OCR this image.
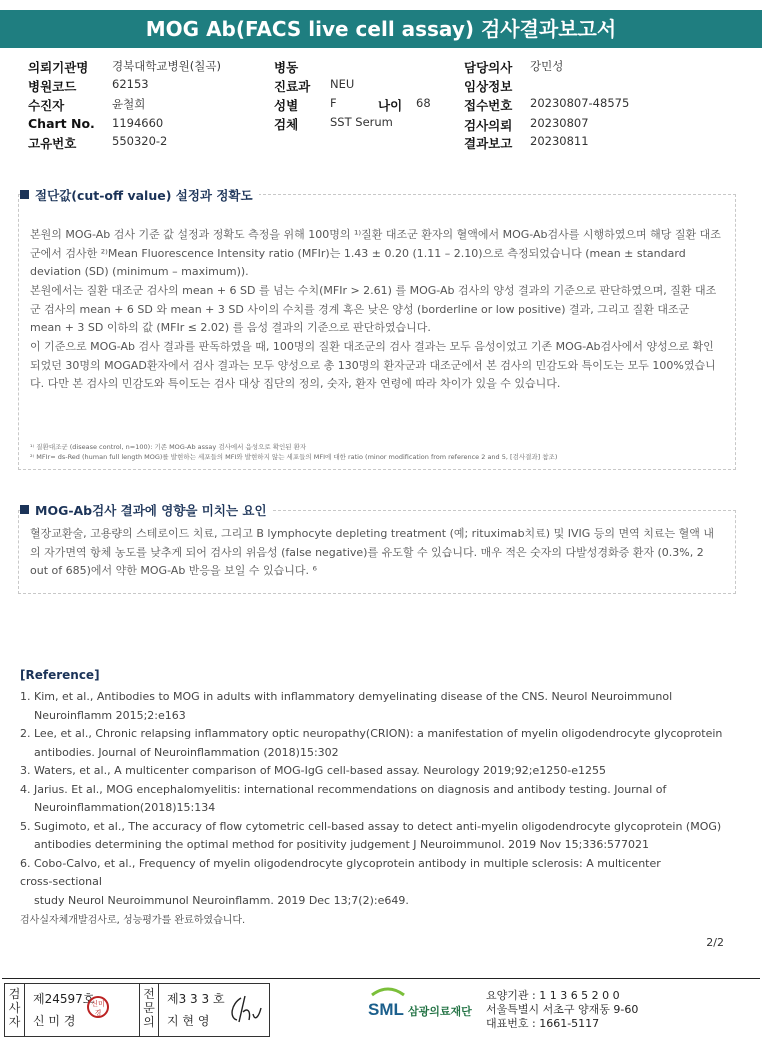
MOG Ab(FACS live cell assay) 검사결과보고서
의뢰기관명 경북대학교병원(칠곡)
병원코드	62153
수진자	윤철희
Chart No. 1194660
고유번호	550320-2
병동
진료과 NEU
성별	F	나이 68
검체	SST Serum
담당의사 강민성
임상정보
접수번호 20230807-48575
검사의뢰 20230807
결과보고 20230811
절단값(cut-off value) 설정과 정확도
본원의 MOG-Ab 검사 기준 값 설정과 정확도 측정을 위해 100명의 ¹⁾질환 대조군 환자의 혈액에서 MOG-Ab검사를 시행하였으며 해당 질환 대조군에서 검사한 ²⁾Mean Fluorescence Intensity ratio (MFIr)는 1.43 ± 0.20 (1.11 – 2.10)으로 측정되었습니다 (mean ± standard deviation (SD) (minimum – maximum)).
본원에서는 질환 대조군 검사의 mean + 6 SD 를 넘는 수치(MFIr > 2.61) 를 MOG-Ab 검사의 양성 결과의 기준으로 판단하였으며, 질환 대조군 검사의 mean + 6 SD 와 mean + 3 SD 사이의 수치를 경계 혹은 낮은 양성 (borderline or low positive) 결과, 그리고 질환 대조군 mean + 3 SD 이하의 값 (MFIr ≤ 2.02) 를 음성 결과의 기준으로 판단하였습니다.
이 기준으로 MOG-Ab 검사 결과를 판독하였을 때, 100명의 질환 대조군의 검사 결과는 모두 음성이었고 기존 MOG-Ab검사에서 양성으로 확인되었던 30명의 MOGAD환자에서 검사 결과는 모두 양성으로 총 130명의 환자군과 대조군에서 본 검사의 민감도와 특이도는 모두 100%였습니다. 다만 본 검사의 민감도와 특이도는 검사 대상 집단의 정의, 숫자, 환자 연령에 따라 차이가 있을 수 있습니다.
¹⁾ 질환대조군 (disease control, n=100): 기존 MOG-Ab assay 검사에서 음성으로 확인된 환자
²⁾ MFIr= ds-Red (human full length MOG)를 발현하는 세포들의 MFI와 발현하지 않는 세포들의 MFI에 대한 ratio (minor modification from reference 2 and 5, [검사결과] 참조)
MOG-Ab검사 결과에 영향을 미치는 요인
혈장교환술, 고용량의 스테로이드 치료, 그리고 B lymphocyte depleting treatment (예; rituximab치료) 및 IVIG 등의 면역 치료는 혈액 내의 자가면역 항체 농도를 낮추게 되어 검사의 위음성 (false negative)를 유도할 수 있습니다. 매우 적은 숫자의 다발성경화증 환자 (0.3%, 2 out of 685)에서 약한 MOG-Ab 반응을 보일 수 있습니다. ⁶
[Reference]
1. Kim, et al., Antibodies to MOG in adults with inflammatory demyelinating disease of the CNS. Neurol Neuroimmunol
Neuroinflamm 2015;2:e163
2. Lee, et al., Chronic relapsing inflammatory optic neuropathy(CRION): a manifestation of myelin oligodendrocyte glycoprotein
antibodies. Journal of Neuroinflammation (2018)15:302
3. Waters, et al., A multicenter comparison of MOG-IgG cell-based assay. Neurology 2019;92;e1250-e1255
4. Jarius. Et al., MOG encephalomyelitis: international recommendations on diagnosis and antibody testing. Journal of
Neuroinflammation(2018)15:134
5. Sugimoto, et al., The accuracy of flow cytometric cell-based assay to detect anti-myelin oligodendrocyte glycoprotein (MOG)
antibodies determining the optimal method for positivity judgement J Neuroimmunol. 2019 Nov 15;336:577021
6. Cobo-Calvo, et al., Frequency of myelin oligodendrocyte glycoprotein antibody in multiple sclerosis: A multicenter
cross-sectional
study Neurol Neuroimmunol Neuroinflamm. 2019 Dec 13;7(2):e649.
검사실자체개발검사로, 성능평가를 완료하였습니다.
2/2
검사자
제24597호
신 미 경
신미경
전문의
제3 3 3 호
지 현 영
SML 삼광의료재단
요양기관 : 1 1 3 6 5 2 0 0
서울특별시 서초구 양재동 9-60
대표번호 : 1661-5117
